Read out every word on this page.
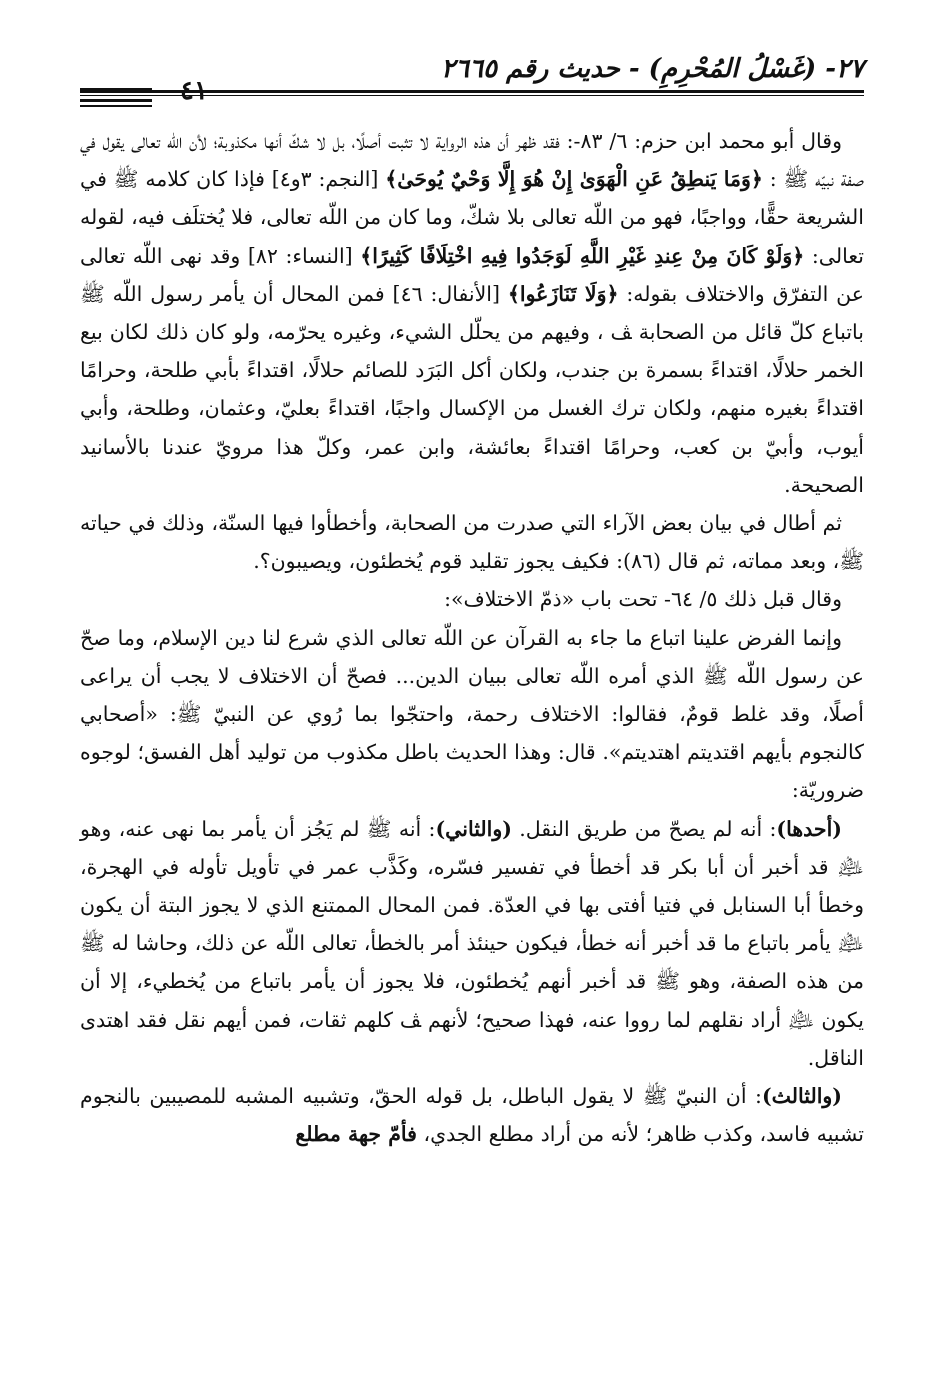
٢٧- (غَسْلُ المُحْرِمِ) - حديث رقم ٢٦٦٥

وقال أبو محمد ابن حزم: ٦/ ٨٣-: فقد ظهر أن هذه الرواية لا تثبت أصلًا، بل لا شكّ أنها مكذوبة؛ لأن اللّه تعالى يقول في صفة نبيّه ﷺ : ﴿وَمَا يَنطِقُ عَنِ الْهَوَىٰ إِنْ هُوَ إِلَّا وَحْيٌ يُوحَىٰ﴾ [النجم: ٣و٤] فإذا كان كلامه ﷺ في الشريعة حقًّا، وواجبًا، فهو من اللّه تعالى بلا شكّ، وما كان من اللّه تعالى، فلا يُختلَف فيه، لقوله تعالى: ﴿وَلَوْ كَانَ مِنْ عِندِ غَيْرِ اللَّهِ لَوَجَدُوا فِيهِ اخْتِلَافًا كَثِيرًا﴾ [النساء: ٨٢] وقد نهى اللّه تعالى عن التفرّق والاختلاف بقوله: ﴿وَلَا تَنَازَعُوا﴾ [الأنفال: ٤٦] فمن المحال أن يأمر رسول اللّه ﷺ باتباع كلّ قائل من الصحابة ﭫ ، وفيهم من يحلّل الشيء، وغيره يحرّمه، ولو كان ذلك لكان بيع الخمر حلالًا، اقتداءً بسمرة بن جندب، ولكان أكل البَرَد للصائم حلالًا، اقتداءً بأبي طلحة، وحرامًا اقتداءً بغيره منهم، ولكان ترك الغسل من الإكسال واجبًا، اقتداءً بعليّ، وعثمان، وطلحة، وأبي أيوب، وأبيّ بن كعب، وحرامًا اقتداءً بعائشة، وابن عمر، وكلّ هذا مرويّ عندنا بالأسانيد الصحيحة.

ثم أطال في بيان بعض الآراء التي صدرت من الصحابة، وأخطأوا فيها السنّة، وذلك في حياته ﷺ، وبعد مماته، ثم قال (٨٦): فكيف يجوز تقليد قوم يُخطئون، ويصيبون؟.

وقال قبل ذلك ٥/ ٦٤- تحت باب «ذمّ الاختلاف»:

وإنما الفرض علينا اتباع ما جاء به القرآن عن اللّه تعالى الذي شرع لنا دين الإسلام، وما صحّ عن رسول اللّه ﷺ الذي أمره اللّه تعالى ببيان الدين... فصحّ أن الاختلاف لا يجب أن يراعى أصلًا، وقد غلط قومٌ، فقالوا: الاختلاف رحمة، واحتجّوا بما رُوي عن النبيّ ﷺ: «أصحابي كالنجوم بأيهم اقتديتم اهتديتم». قال: وهذا الحديث باطل مكذوب من توليد أهل الفسق؛ لوجوه ضروريّة:

(أحدها): أنه لم يصحّ من طريق النقل. (والثاني): أنه ﷺ لم يَجُز أن يأمر بما نهى عنه، وهو ﵇ قد أخبر أن أبا بكر قد أخطأ في تفسير فسّره، وكَذَّب عمر في تأويل تأوله في الهجرة، وخطأ أبا السنابل في فتيا أفتى بها في العدّة. فمن المحال الممتنع الذي لا يجوز البتة أن يكون ﵇ يأمر باتباع ما قد أخبر أنه خطأ، فيكون حينئذ أمر بالخطأ، تعالى اللّه عن ذلك، وحاشا له ﷺ من هذه الصفة، وهو ﷺ قد أخبر أنهم يُخطئون، فلا يجوز أن يأمر باتباع من يُخطيء، إلا أن يكون ﵇ أراد نقلهم لما رووا عنه، فهذا صحيح؛ لأنهم ﭫ كلهم ثقات، فمن أيهم نقل فقد اهتدى الناقل.

(والثالث): أن النبيّ ﷺ لا يقول الباطل، بل قوله الحقّ، وتشبيه المشبه للمصيبين بالنجوم تشبيه فاسد، وكذب ظاهر؛ لأنه من أراد مطلع الجدي، فأمّ جهة مطلع
